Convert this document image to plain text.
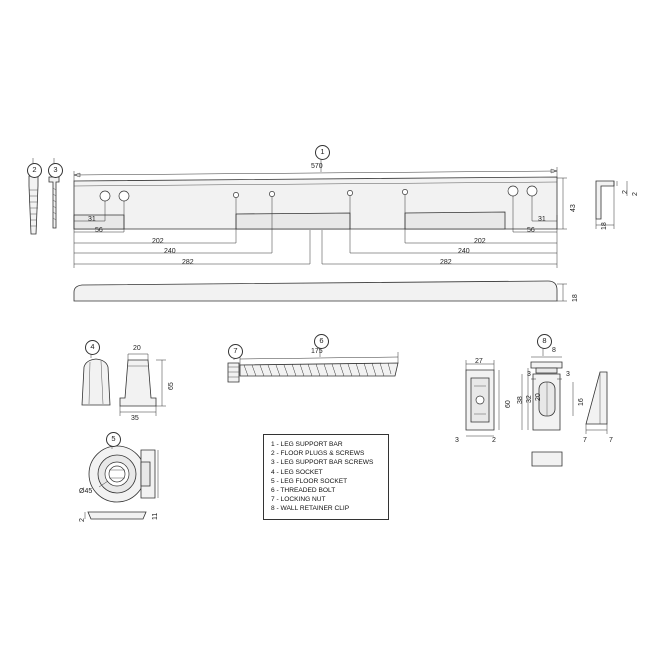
1
2	3
4
5
6
7
8
570
43
2
2
18
31
56
202
240
282
31
56
202
240
282
18
20
65
35
175
Ø45
2
11
27
60
3	2
8
3	3
38 32 20
16
7	7
1 - LEG SUPPORT BAR
2 - FLOOR PLUGS & SCREWS
3 - LEG SUPPORT BAR SCREWS
4 - LEG SOCKET
5 - LEG FLOOR SOCKET
6 - THREADED BOLT
7 - LOCKING NUT
8 - WALL RETAINER CLIP
